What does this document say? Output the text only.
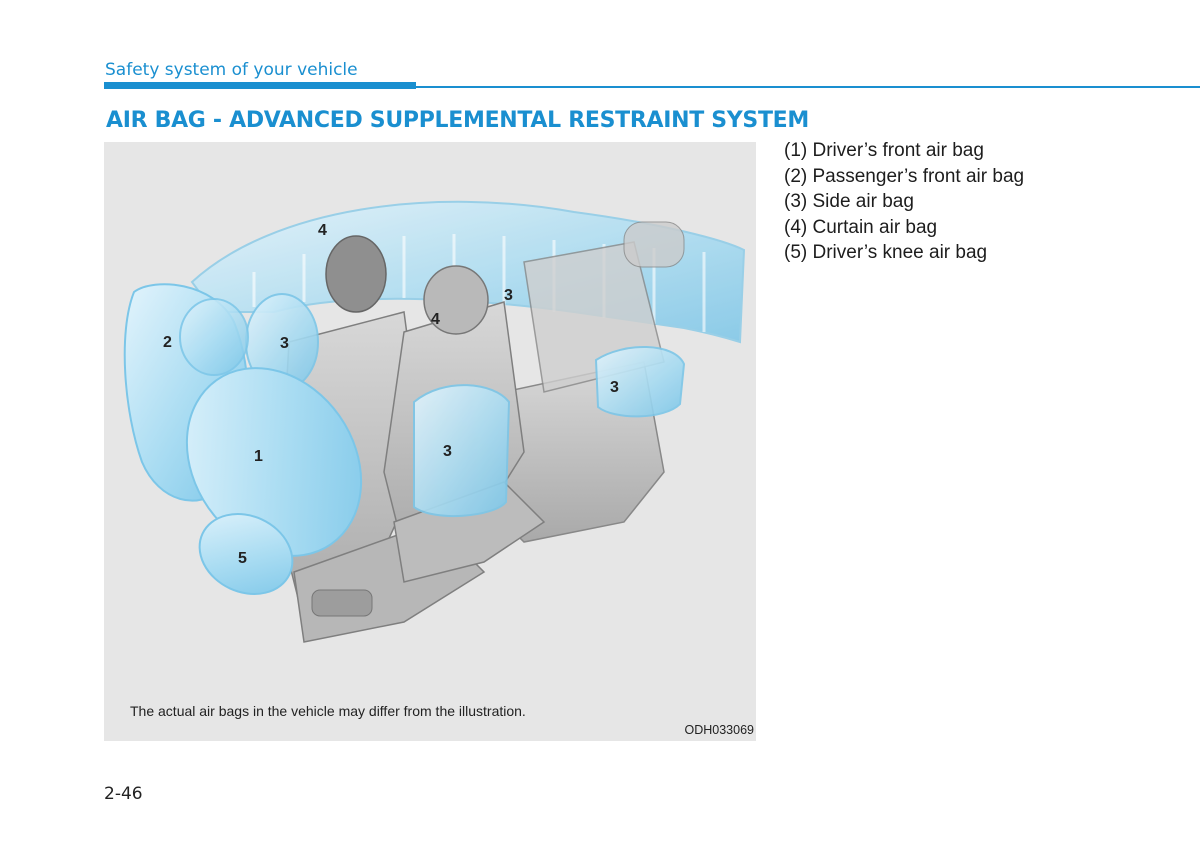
Safety system of your vehicle
AIR BAG - ADVANCED SUPPLEMENTAL RESTRAINT SYSTEM
4
3
4
2	3
3
3
1
5
The actual air bags in the vehicle may differ from the illustration.
ODH033069
(1) Driver’s front air bag
(2) Passenger’s front air bag
(3) Side air bag
(4) Curtain air bag
(5) Driver’s knee air bag
2-46
